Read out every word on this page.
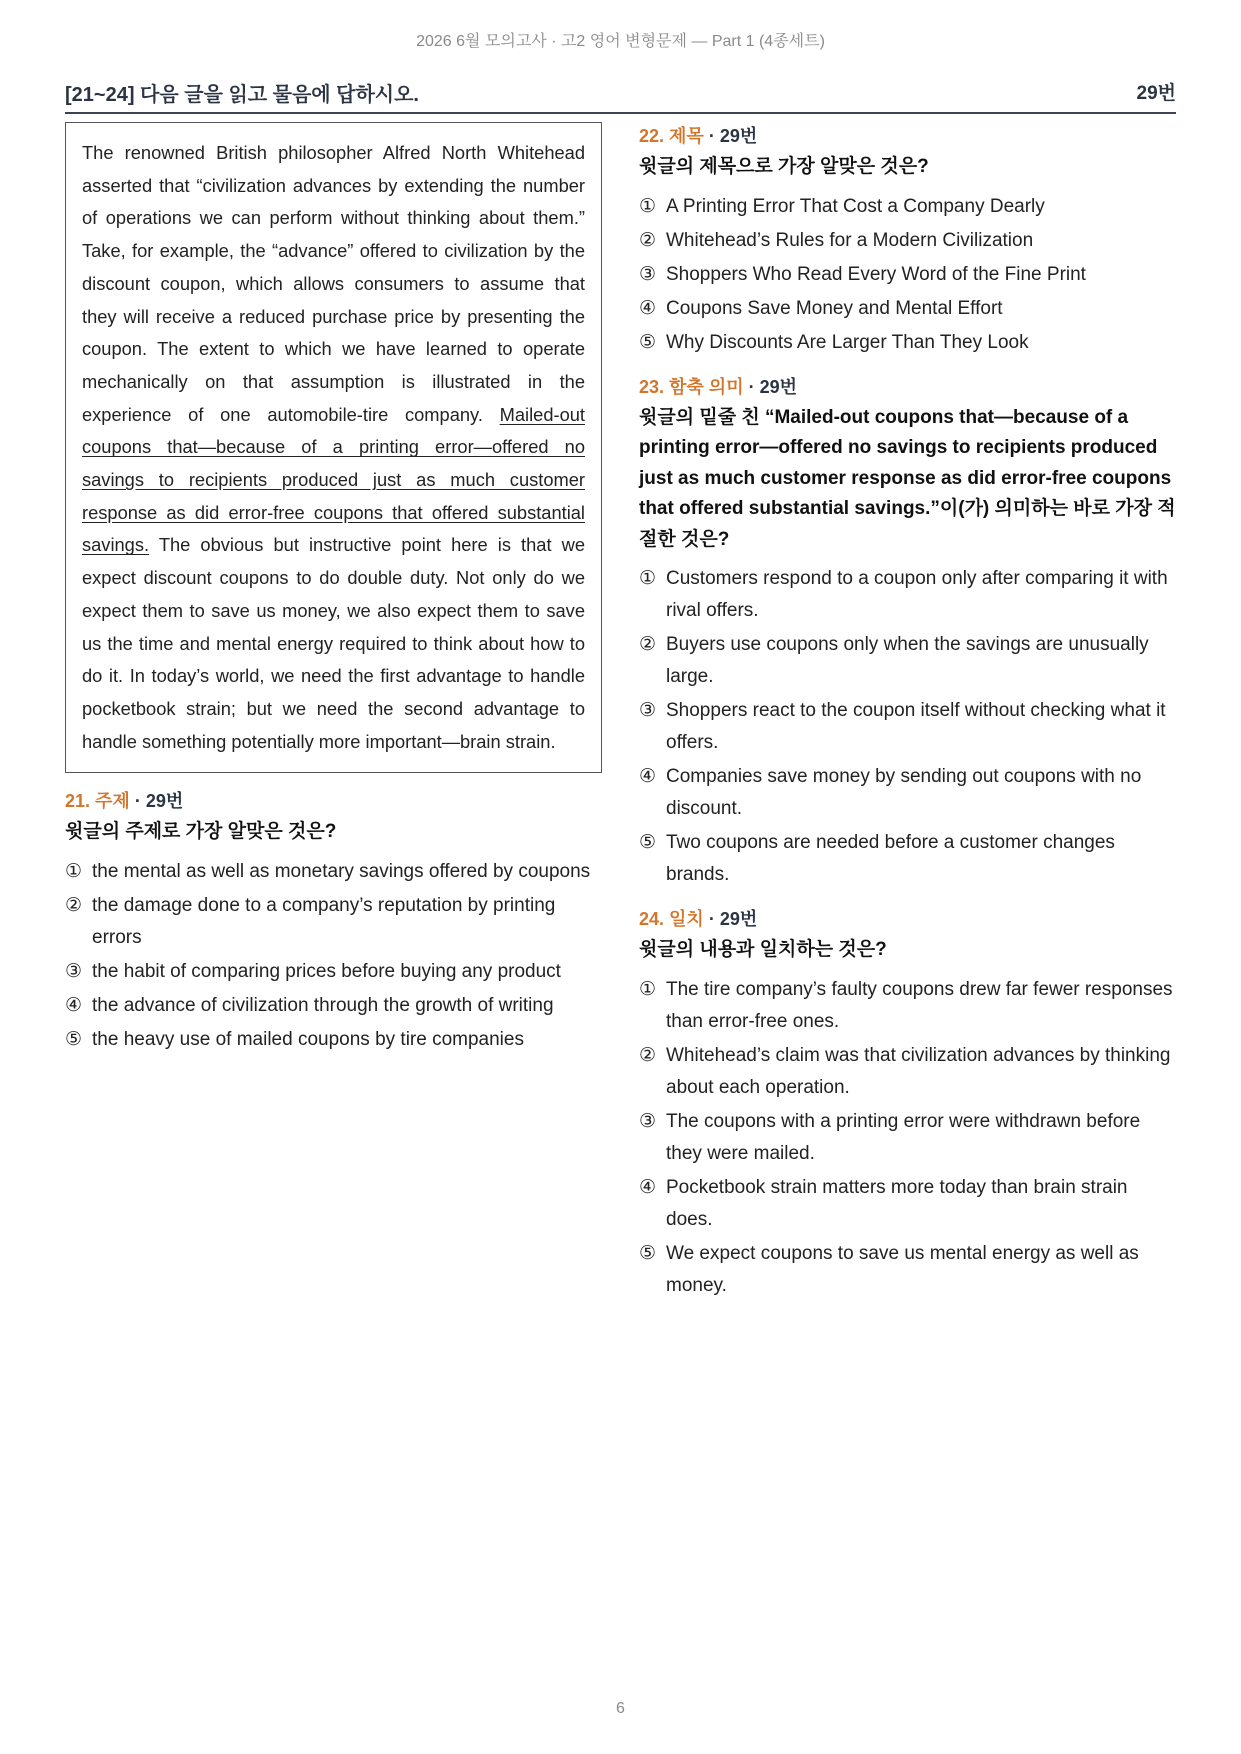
2026 6월 모의고사 · 고2 영어 변형문제 — Part 1 (4종세트)
[21~24] 다음 글을 읽고 물음에 답하시오.	29번
The renowned British philosopher Alfred North Whitehead asserted that “civilization advances by extending the number of operations we can perform without thinking about them.” Take, for example, the “advance” offered to civilization by the discount coupon, which allows consumers to assume that they will receive a reduced purchase price by presenting the coupon. The extent to which we have learned to operate mechanically on that assumption is illustrated in the experience of one automobile-tire company. Mailed-out coupons that—because of a printing error—offered no savings to recipients produced just as much customer response as did error-free coupons that offered substantial savings. The obvious but instructive point here is that we expect discount coupons to do double duty. Not only do we expect them to save us money, we also expect them to save us the time and mental energy required to think about how to do it. In today’s world, we need the first advantage to handle pocketbook strain; but we need the second advantage to handle something potentially more important—brain strain.
21. 주제 · 29번
윗글의 주제로 가장 알맞은 것은?
① the mental as well as monetary savings offered by coupons
② the damage done to a company’s reputation by printing errors
③ the habit of comparing prices before buying any product
④ the advance of civilization through the growth of writing
⑤ the heavy use of mailed coupons by tire companies
22. 제목 · 29번
윗글의 제목으로 가장 알맞은 것은?
① A Printing Error That Cost a Company Dearly
② Whitehead’s Rules for a Modern Civilization
③ Shoppers Who Read Every Word of the Fine Print
④ Coupons Save Money and Mental Effort
⑤ Why Discounts Are Larger Than They Look
23. 함축 의미 · 29번
윗글의 밑줄 친 “Mailed-out coupons that—because of a printing error—offered no savings to recipients produced just as much customer response as did error-free coupons that offered substantial savings.”이(가) 의미하는 바로 가장 적절한 것은?
① Customers respond to a coupon only after comparing it with rival offers.
② Buyers use coupons only when the savings are unusually large.
③ Shoppers react to the coupon itself without checking what it offers.
④ Companies save money by sending out coupons with no discount.
⑤ Two coupons are needed before a customer changes brands.
24. 일치 · 29번
윗글의 내용과 일치하는 것은?
① The tire company’s faulty coupons drew far fewer responses than error-free ones.
② Whitehead’s claim was that civilization advances by thinking about each operation.
③ The coupons with a printing error were withdrawn before they were mailed.
④ Pocketbook strain matters more today than brain strain does.
⑤ We expect coupons to save us mental energy as well as money.
6
